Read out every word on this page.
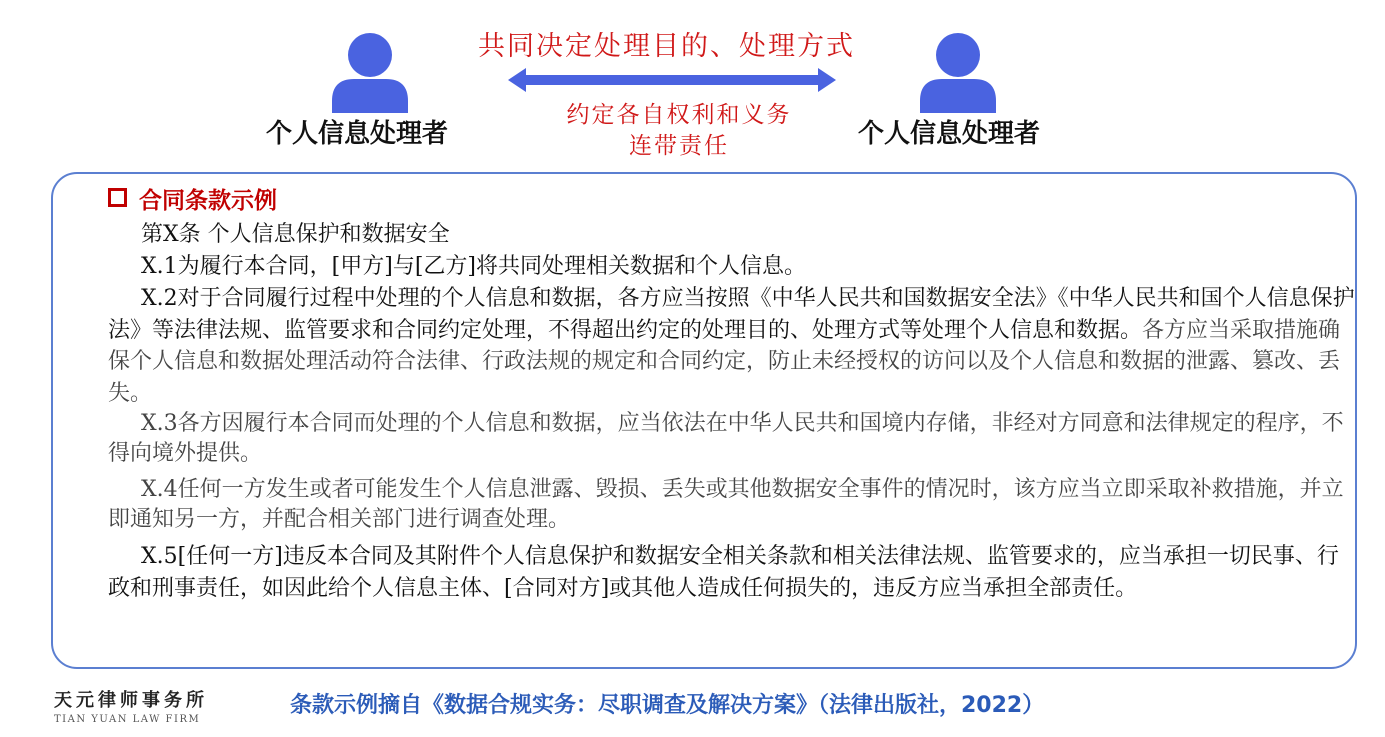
个人信息处理者	个人信息处理者
共同决定处理目的、处理方式
约定各自权利和义务
连带责任
合同条款示例

第X条 个人信息保护和数据安全

X.1为履行本合同，[甲方]与[乙方]将共同处理相关数据和个人信息。

X.2对于合同履行过程中处理的个人信息和数据，各方应当按照《中华人民共和国数据安全法》《中华人民共和国个人信息保护法》等法律法规、监管要求和合同约定处理，不得超出约定的处理目的、处理方式等处理个人信息和数据。各方应当采取措施确保个人信息和数据处理活动符合法律、行政法规的规定和合同约定，防止未经授权的访问以及个人信息和数据的泄露、篡改、丢失。

X.3各方因履行本合同而处理的个人信息和数据，应当依法在中华人民共和国境内存储，非经对方同意和法律规定的程序，不得向境外提供。

X.4任何一方发生或者可能发生个人信息泄露、毁损、丢失或其他数据安全事件的情况时，该方应当立即采取补救措施，并立即通知另一方，并配合相关部门进行调查处理。

X.5[任何一方]违反本合同及其附件个人信息保护和数据安全相关条款和相关法律法规、监管要求的，应当承担一切民事、行政和刑事责任，如因此给个人信息主体、[合同对方]或其他人造成任何损失的，违反方应当承担全部责任。

天元律师事务所
TIAN YUAN LAW FIRM
条款示例摘自《数据合规实务：尽职调查及解决方案》（法律出版社，2022）
